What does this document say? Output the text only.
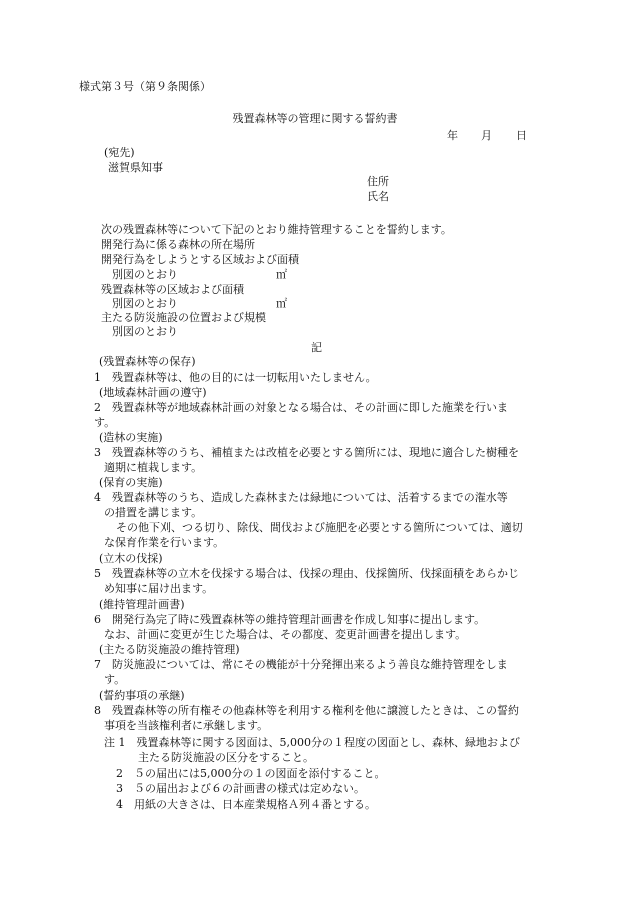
様式第３号（第９条関係）
残置森林等の管理に関する誓約書
年 月 日
(宛先)
滋賀県知事
住所
氏名
次の残置森林等について下記のとおり維持管理することを誓約します。
開発行為に係る森林の所在場所
開発行為をしようとする区域および面積
別図のとおり	㎡
残置森林等の区域および面積
別図のとおり	㎡
主たる防災施設の位置および規模
別図のとおり
記
(残置森林等の保存)
1　残置森林等は、他の目的には一切転用いたしません。
(地域森林計画の遵守)
2　残置森林等が地域森林計画の対象となる場合は、その計画に即した施業を行いま
す。
(造林の実施)
3　残置森林等のうち、補植または改植を必要とする箇所には、現地に適合した樹種を
適期に植栽します。
(保育の実施)
4　残置森林等のうち、造成した森林または緑地については、活着するまでの潅水等
の措置を講じます。
その他下刈、つる切り、除伐、間伐および施肥を必要とする箇所については、適切
な保育作業を行います。
(立木の伐採)
5　残置森林等の立木を伐採する場合は、伐採の理由、伐採箇所、伐採面積をあらかじ
め知事に届け出ます。
(維持管理計画書)
6　開発行為完了時に残置森林等の維持管理計画書を作成し知事に提出します。
なお、計画に変更が生じた場合は、その都度、変更計画書を提出します。
(主たる防災施設の維持管理)
7　防災施設については、常にその機能が十分発揮出来るよう善良な維持管理をしま
す。
(誓約事項の承継)
8　残置森林等の所有権その他森林等を利用する権利を他に譲渡したときは、この誓約
事項を当該権利者に承継します。
注 1　残置森林等に関する図面は、5,000分の１程度の図面とし、森林、緑地および
主たる防災施設の区分をすること。
2　５の届出には5,000分の１の図面を添付すること。
3　５の届出および６の計画書の様式は定めない。
4　用紙の大きさは、日本産業規格Ａ列４番とする。
